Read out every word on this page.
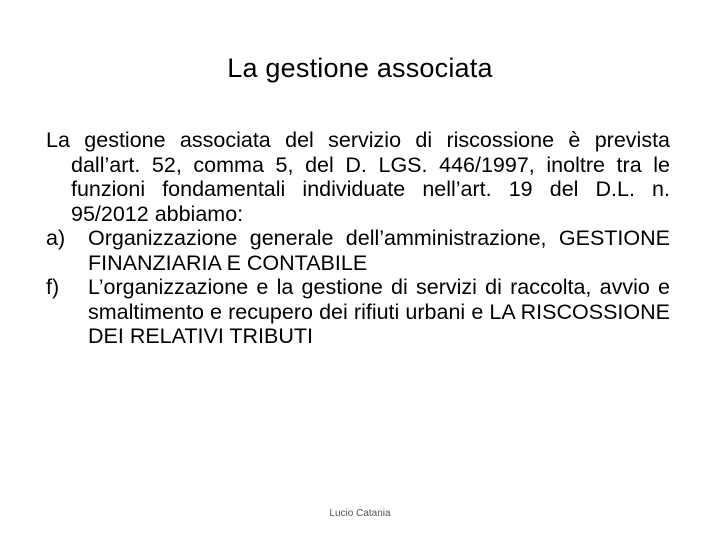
La gestione associata

La gestione associata del servizio di riscossione è prevista dall’art. 52, comma 5, del D. LGS. 446/1997, inoltre tra le funzioni fondamentali individuate nell’art. 19 del D.L. n. 95/2012 abbiamo:

a)	Organizzazione generale dell’amministrazione, GESTIONE FINANZIARIA E CONTABILE
f)	L’organizzazione e la gestione di servizi di raccolta, avvio e smaltimento e recupero dei rifiuti urbani e LA RISCOSSIONE DEI RELATIVI TRIBUTI
Lucio Catania
